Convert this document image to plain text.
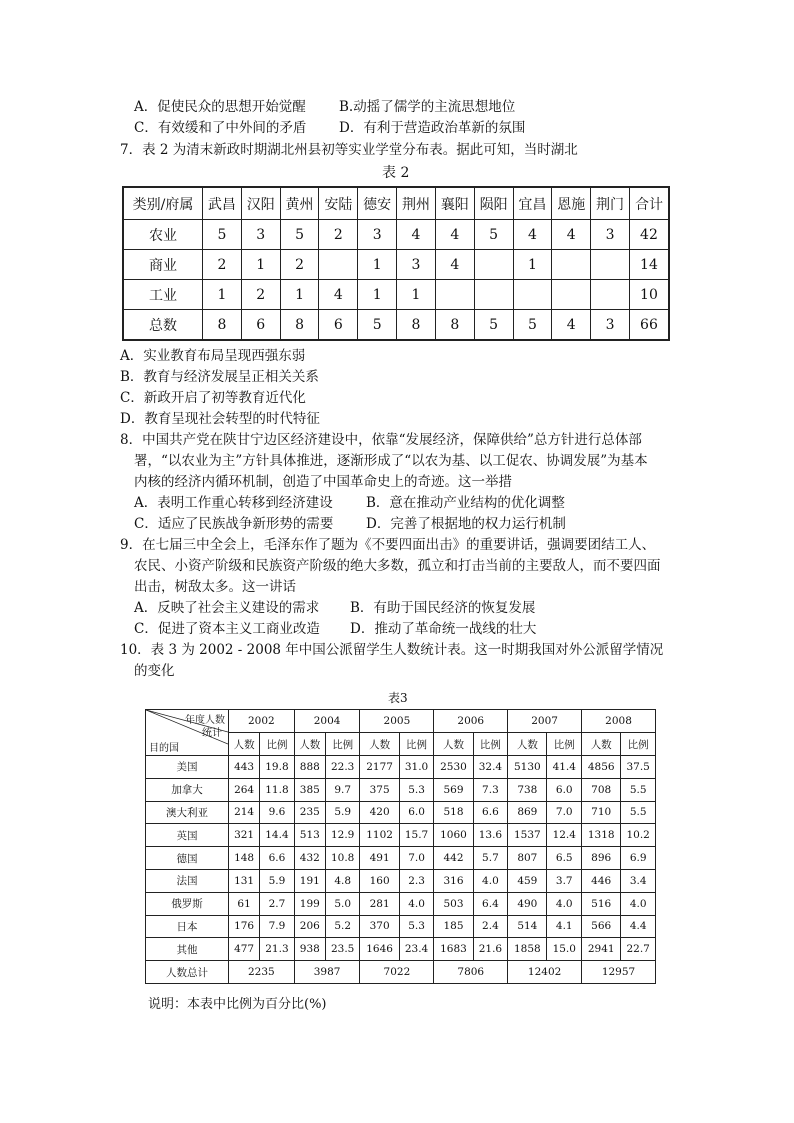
A．促使民众的思想开始觉醒 B.动摇了儒学的主流思想地位
C．有效缓和了中外间的矛盾 D．有利于营造政治革新的氛围
7．表 2 为清末新政时期湖北州县初等实业学堂分布表。据此可知，当时湖北
表 2
类别/府属	武昌	汉阳	黄州	安陆	德安	荆州	襄阳	陨阳	宜昌	恩施	荆门	合计
农业	5	3	5	2	3	4	4	5	4	4	3	42
商业	2	1	2		1	3	4		1			14
工业	1	2	1	4	1	1						10
总数	8	6	8	6	5	8	8	5	5	4	3	66
A．实业教育布局呈现西强东弱
B．教育与经济发展呈正相关关系
C．新政开启了初等教育近代化
D．教育呈现社会转型的时代特征
8．中国共产党在陕甘宁边区经济建设中，依靠“发展经济，保障供给”总方针进行总体部
署，“以农业为主”方针具体推进，逐渐形成了“以农为基、以工促农、协调发展”为基本
内核的经济内循环机制，创造了中国革命史上的奇迹。这一举措
A．表明工作重心转移到经济建设 B．意在推动产业结构的优化调整
C．适应了民族战争新形势的需要 D．完善了根据地的权力运行机制
9．在七届三中全会上，毛泽东作了题为《不要四面出击》的重要讲话，强调要团结工人、
农民、小资产阶级和民族资产阶级的绝大多数，孤立和打击当前的主要敌人，而不要四面
出击，树敌太多。这一讲话
A．反映了社会主义建设的需求 B．有助于国民经济的恢复发展
C．促进了资本主义工商业改造 D．推动了革命统一战线的壮大
10．表 3 为 2002 - 2008 年中国公派留学生人数统计表。这一时期我国对外公派留学情况
的变化
表3
年度人数
统计
目的国	2002		2004		2005		2006		2007		2008	
	人数	比例	人数	比例	人数	比例	人数	比例	人数	比例	人数	比例
美国	443	19.8	888	22.3	2177	31.0	2530	32.4	5130	41.4	4856	37.5
加拿大	264	11.8	385	9.7	375	5.3	569	7.3	738	6.0	708	5.5
澳大利亚	214	9.6	235	5.9	420	6.0	518	6.6	869	7.0	710	5.5
英国	321	14.4	513	12.9	1102	15.7	1060	13.6	1537	12.4	1318	10.2
德国	148	6.6	432	10.8	491	7.0	442	5.7	807	6.5	896	6.9
法国	131	5.9	191	4.8	160	2.3	316	4.0	459	3.7	446	3.4
俄罗斯	61	2.7	199	5.0	281	4.0	503	6.4	490	4.0	516	4.0
日本	176	7.9	206	5.2	370	5.3	185	2.4	514	4.1	566	4.4
其他	477	21.3	938	23.5	1646	23.4	1683	21.6	1858	15.0	2941	22.7
人数总计	2235		3987		7022		7806		12402		12957	
说明：本表中比例为百分比(%)
